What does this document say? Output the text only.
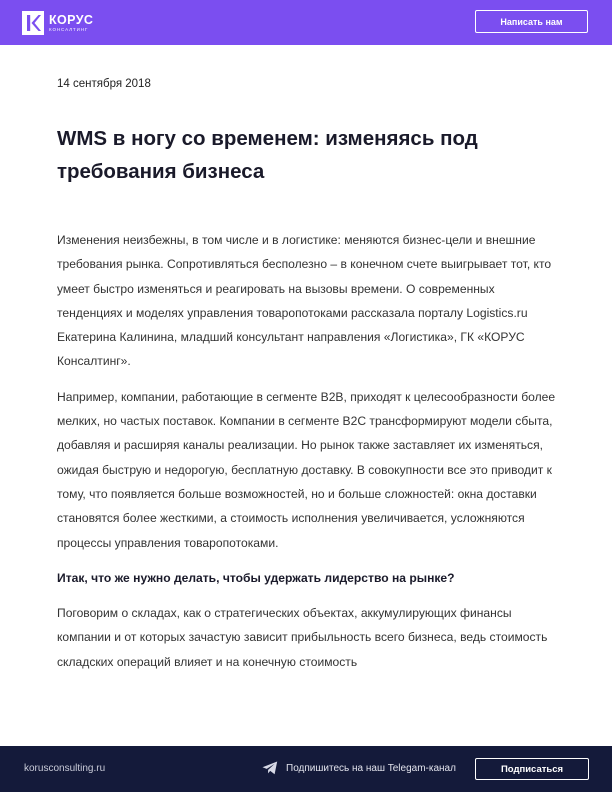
КОРУС
КОНСАЛТИНГ
Написать нам
14 сентября 2018
WMS в ногу со временем: изменяясь под требования бизнеса

Изменения неизбежны, в том числе и в логистике: меняются бизнес-цели и внешние требования рынка. Сопротивляться бесполезно – в конечном счете выигрывает тот, кто умеет быстро изменяться и реагировать на вызовы времени. О современных тенденциях и моделях управления товаропотоками рассказала порталу Logistics.ru Екатерина Калинина, младший консультант направления «Логистика», ГК «КОРУС Консалтинг».

Например, компании, работающие в сегменте B2B, приходят к целесообразности более мелких, но частых поставок. Компании в сегменте B2C трансформируют модели сбыта, добавляя и расширяя каналы реализации. Но рынок также заставляет их изменяться, ожидая быструю и недорогую, бесплатную доставку. В совокупности все это приводит к тому, что появляется больше возможностей, но и больше сложностей: окна доставки становятся более жесткими, а стоимость исполнения увеличивается, усложняются процессы управления товаропотоками.

Итак, что же нужно делать, чтобы удержать лидерство на рынке?

Поговорим о складах, как о стратегических объектах, аккумулирующих финансы компании и от которых зачастую зависит прибыльность всего бизнеса, ведь стоимость складских операций влияет и на конечную стоимость

korusconsulting.ru	Подпишитесь на наш Telegam-канал	Подписаться
